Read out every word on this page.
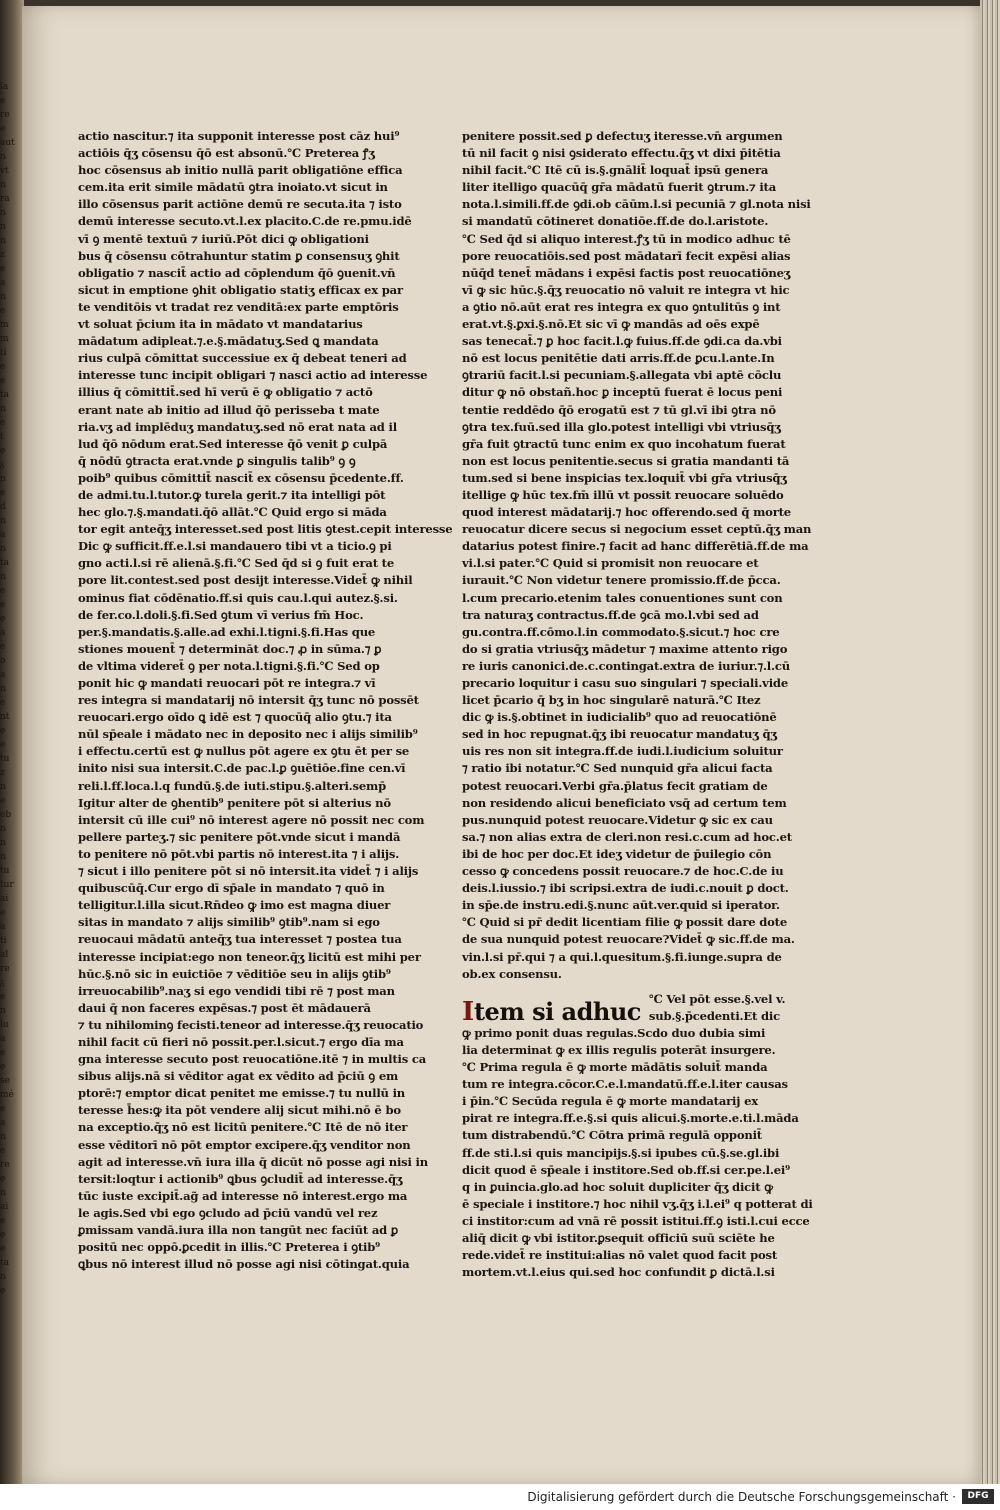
la
e
re
e
aut
n
vt
n
ra
n
n
n
z
e
a
n
e
m
m
ti
e
e
ta
n
e
t
e
ᵹ
n
e
d
n
a
n
ta
n
e
e
e
a
e
o
a
n
e
nt
e
e
tu
z
n
e
eb
n
n
n
tu
tur
ai
e
a
ti
al
re
ᵹ
e
n
lu
a
e
e
se
mé
e
a
n
e
re
e
n
ai
e
e
e
ta
n
e
actio nascitur.⁊ ita supponit interesse post cāz hui⁹
actiōis q̄ʒ cōsensu q̄ō est absonū.℃ Preterea ꝭʒ
hoc cōsensus ab initio nullā parit obligatiōne effica
cem.ita erit simile mādatū ꝯtra inoiato.vt sicut in
illo cōsensus parit actiōne demū re secuta.ita ⁊ isto
demū interesse secuto.vt.l.ex placito.C.de re.pmu.idē
vī ꝯ mentē textuū ⁊ iuriū.Pōt dici ꝙ obligationi
bus q̄ cōsensu cōtrahuntur statim ꝑ consensuʒ ꝯhit
obligatio ⁊ nascit̄ actio ad cōplendum q̄ō ꝯuenit.vn̄
sicut in emptione ꝯhit obligatio statiʒ efficax ex par
te venditōis vt tradat rez venditā:ex parte emptōris
vt soluat p̄cium ita in mādato vt mandatarius
mādatum adipleat.⁊.e.§.mādatuʒ.Sed ꝗ mandata
rius culpā cōmittat successiue ex q̄ debeat teneri ad
interesse tunc incipit obligari ⁊ nasci actio ad interesse
illius q̄ cōmittit̄.sed hī verū ē ꝙ obligatio ⁊ actō
erant nate ab initio ad illud q̄ō perisseba t mate
ria.vʒ ad implēduʒ mandatuʒ.sed nō erat nata ad il
lud q̄ō nōdum erat.Sed interesse q̄ō venit ꝑ culpā
q̄ nōdū ꝯtracta erat.vnde ꝑ singulis talib⁹ ꝯ ꝯ
poib⁹ quibus cōmittit̄ nascit̄ ex cōsensu p̄cedente.ff.
de admi.tu.l.tutor.ꝙ turela gerit.⁊ ita intelligi pōt
hec glo.⁊.§.mandati.q̄ō allāt.℃ Quid ergo si māda
tor egit anteq̄ʒ interesset.sed post litis ꝯtest.cepit interesse
Dic ꝙ sufficit.ff.e.l.si mandauero tibi vt a ticio.ꝯ pi
gno acti.l.si rē alienā.§.fi.℃ Sed q̄d si ꝯ fuit erat te
pore lit.contest.sed post desijt interesse.Videt̄ ꝙ nihil
ominus fiat cōdēnatio.ff.si quis cau.l.qui autez.§.si.
de fer.co.l.doli.§.fi.Sed ꝯtum vī verius fm̄ Hoc.
per.§.mandatis.§.alle.ad exhi.l.tigni.§.fi.Has que
stiones mouent̄ ⁊ determināt doc.⁊ ꝓ in sūma.⁊ ꝑ
de vltima videret̄ ꝯ per nota.l.tigni.§.fi.℃ Sed op
ponit hic ꝙ mandati reuocari pōt re integra.⁊ vī
res integra si mandatarij nō intersit q̄ʒ tunc nō possēt
reuocari.ergo oīdo ꝗ idē est ⁊ quocūq̄ alio ꝯtu.⁊ ita
nūl sp̄eale i mādato nec in deposito nec i alijs similib⁹
i effectu.certū est ꝙ nullus pōt agere ex ꝯtu ēt per se
inito nisi sua intersit.C.de pac.l.ꝑ ꝯuētiōe.fine cen.vī
reli.l.ff.loca.l.q fundū.§.de iuti.stipu.§.alteri.semp̄
Igitur alter de ꝯhentib⁹ penitere pōt si alterius nō
intersit cū ille cui⁹ nō interest agere nō possit nec com
pellere parteʒ.⁊ sic penitere pōt.vnde sicut i mandā
to penitere nō pōt.vbi partis nō interest.ita ⁊ i alijs.
⁊ sicut i illo penitere pōt si nō intersit.ita videt̄ ⁊ i alijs
quibuscūq̄.Cur ergo dī sp̄ale in mandato ⁊ quō in
telligitur.l.illa sicut.Rn̄deo ꝙ imo est magna diuer
sitas in mandato ⁊ alijs similib⁹ ꝯtib⁹.nam si ego
reuocaui mādatū anteq̄ʒ tua interesset ⁊ postea tua
interesse incipiat:ego non teneor.q̄ʒ licitū est mihi per
hūc.§.nō sic in euictiōe ⁊ vēditiōe seu in alijs ꝯtib⁹
irreuocabilib⁹.naʒ si ego vendidi tibi rē ⁊ post man
daui q̄ non faceres expēsas.⁊ post ēt mādauerā
⁊ tu nihilominꝯ fecisti.teneor ad interesse.q̄ʒ reuocatio
nihil facit cū fieri nō possit.per.l.sicut.⁊ ergo dīa ma
gna interesse secuto post reuocatiōne.itē ⁊ in multis ca
sibus alijs.nā si vēditor agat ex vēdito ad p̄ciū ꝯ em
ptorē:⁊ emptor dicat penitet me emisse.⁊ tu nullū in
teresse h̄es:ꝙ ita pōt vendere alij sicut mihi.nō ē bo
na exceptio.q̄ʒ nō est licitū penitere.℃ Itē de nō iter
esse vēditorī nō pōt emptor excipere.q̄ʒ venditor non
agit ad interesse.vn̄ iura illa q̄ dicūt nō posse agi nisi in
tersit:loqtur i actionib⁹ ꝗbus ꝯcludit̄ ad interesse.q̄ʒ
tūc iuste excipit̄.ag̃ ad interesse nō interest.ergo ma
le agis.Sed vbi ego ꝯcludo ad p̄ciū vandū vel rez
ꝑmissam vandā.iura illa non tangūt nec faciūt ad ꝑ
positū nec oppō.ꝑcedit in illis.℃ Preterea i ꝯtib⁹
ꝗbus nō interest illud nō posse agi nisi cōtingat.quia
penitere possit.sed ꝑ defectuʒ iteresse.vn̄ argumen
tū nil facit ꝯ nisi ꝯsiderato effectu.q̄ʒ vt dixi p̄itētia
nihil facit.℃ Itē cū is.§.gnālit̄ loquat̄ ipsū genera
liter itelligo quacūq̄ gr̄a mādatū fuerit ꝯtrum.⁊ ita
nota.l.simili.ff.de ꝯdi.ob cāūm.l.si pecuniā ⁊ gl.nota nisi
si mandatū cōtineret donatiōe.ff.de do.l.aristote.
℃ Sed q̄d si aliquo interest.ꝭʒ tū in modico adhuc tē
pore reuocatiōis.sed post mādatarī fecit expēsi alias
nūq̄d tenet̄ mādans i expēsi factis post reuocatiōneʒ
vī ꝙ sic hūc.§.q̄ʒ reuocatio nō valuit re integra vt hic
a ꝯtio nō.aūt erat res integra ex quo ꝯntulitūs ꝯ int
erat.vt.§.ꝑxi.§.nō.Et sic vī ꝙ mandās ad oēs expē
sas tenecat̄.⁊ ꝑ hoc facit.l.ꝙ fuius.ff.de ꝯdi.ca da.vbi
nō est locus penitētie dati arris.ff.de ꝑcu.l.ante.In
ꝯtrariū facit.l.si pecuniam.§.allegata vbi aptē cōclu
ditur ꝙ nō obstañ.hoc ꝑ inceptū fuerat ē locus peni
tentie reddēdo q̄ō erogatū est ⁊ tū gl.vī ibi ꝯtra nō
ꝯtra tex.fuū.sed illa glo.potest intelligi vbi vtriusq̄ʒ
gr̄a fuit ꝯtractū tunc enim ex quo incohatum fuerat
non est locus penitentie.secus si gratia mandanti tā
tum.sed si bene inspicias tex.loquit̄ vbi gr̄a vtriusq̄ʒ
itellige ꝙ hūc tex.fm̄ illū vt possit reuocare soluēdo
quod interest mādatarij.⁊ hoc offerendo.sed q̄ morte
reuocatur dicere secus si negocium esset ceptū.q̄ʒ man
datarius potest finire.⁊ facit ad hanc differētiā.ff.de ma
vi.l.si pater.℃ Quid si promisit non reuocare et
iurauit.℃ Non videtur tenere promissio.ff.de p̄cca.
l.cum precario.etenim tales conuentiones sunt con
tra naturaʒ contractus.ff.de ꝯcā mo.l.vbi sed ad
gu.contra.ff.cōmo.l.in commodato.§.sicut.⁊ hoc cre
do si gratia vtriusq̄ʒ mādetur ⁊ maxime attento rigo
re iuris canonici.de.c.contingat.extra de iuriur.⁊.l.cū
precario loquitur i casu suo singulari ⁊ speciali.vide
licet p̄cario q̄ bʒ in hoc singularē naturā.℃ Itez
dic ꝙ is.§.obtinet in iudicialib⁹ quo ad reuocatiōnē
sed in hoc repugnat.q̄ʒ ibi reuocatur mandatuʒ q̄ʒ
uis res non sit integra.ff.de iudi.l.iudicium soluitur
⁊ ratio ibi notatur.℃ Sed nunquid gr̄a alicui facta
potest reuocari.Verbi gr̄a.p̄latus fecit gratiam de
non residendo alicui beneficiato vsq̄ ad certum tem
pus.nunquid potest reuocare.Videtur ꝙ sic ex cau
sa.⁊ non alias extra de cleri.non resi.c.cum ad hoc.et
ibi de hoc per doc.Et ideʒ videtur de p̄uilegio cōn
cesso ꝙ concedens possit reuocare.⁊ de hoc.C.de iu
deis.l.iussio.⁊ ibi scripsi.extra de iudi.c.nouit ꝑ doct.
in sp̄e.de instru.edi.§.nunc aūt.ver.quid si iperator.
℃ Quid si pr̄ dedit licentiam filie ꝙ possit dare dote
de sua nunquid potest reuocare?Videt̄ ꝙ sic.ff.de ma.
vin.l.si pr̄.qui ⁊ a qui.l.quesitum.§.fi.iunge.supra de
ob.ex consensu.
I tem si adhuc ℃ Vel pōt esse.§.vel v.
sub.§.p̄cedenti.Et dic
ꝙ primo ponit duas regulas.Scdo duo dubia simi
lia determinat ꝙ ex illis regulis poterāt insurgere.
℃ Prima regula ē ꝙ morte mādātis soluit̄ manda
tum re integra.cōcor.C.e.l.mandatū.ff.e.l.iter causas
i p̄in.℃ Secūda regula ē ꝙ morte mandatarij ex
pirat re integra.ff.e.§.si quis alicui.§.morte.e.ti.l.māda
tum distrabendū.℃ Cōtra primā regulā opponit̄
ff.de sti.l.si quis mancipijs.§.si ipubes cū.§.se.gl.ibi
dicit quod ē sp̄eale i institore.Sed ob.ff.si cer.pe.l.ei⁹
q in ꝑuincia.glo.ad hoc soluit dupliciter q̄ʒ dicit ꝙ
ē speciale i institore.⁊ hoc nihil vʒ.q̄ʒ i.l.ei⁹ q potterat di
ci institor:cum ad vnā rē possit istitui.ff.ꝯ isti.l.cui ecce
aliq̄ dicit ꝙ vbi istitor.ꝑsequit officiū suū sciēte he
rede.videt̄ re institui:alias nō valet quod facit post
mortem.vt.l.eius qui.sed hoc confundit ꝑ dictā.l.si
Digitalisierung gefördert durch die Deutsche Forschungsgemeinschaft ·	DFG
